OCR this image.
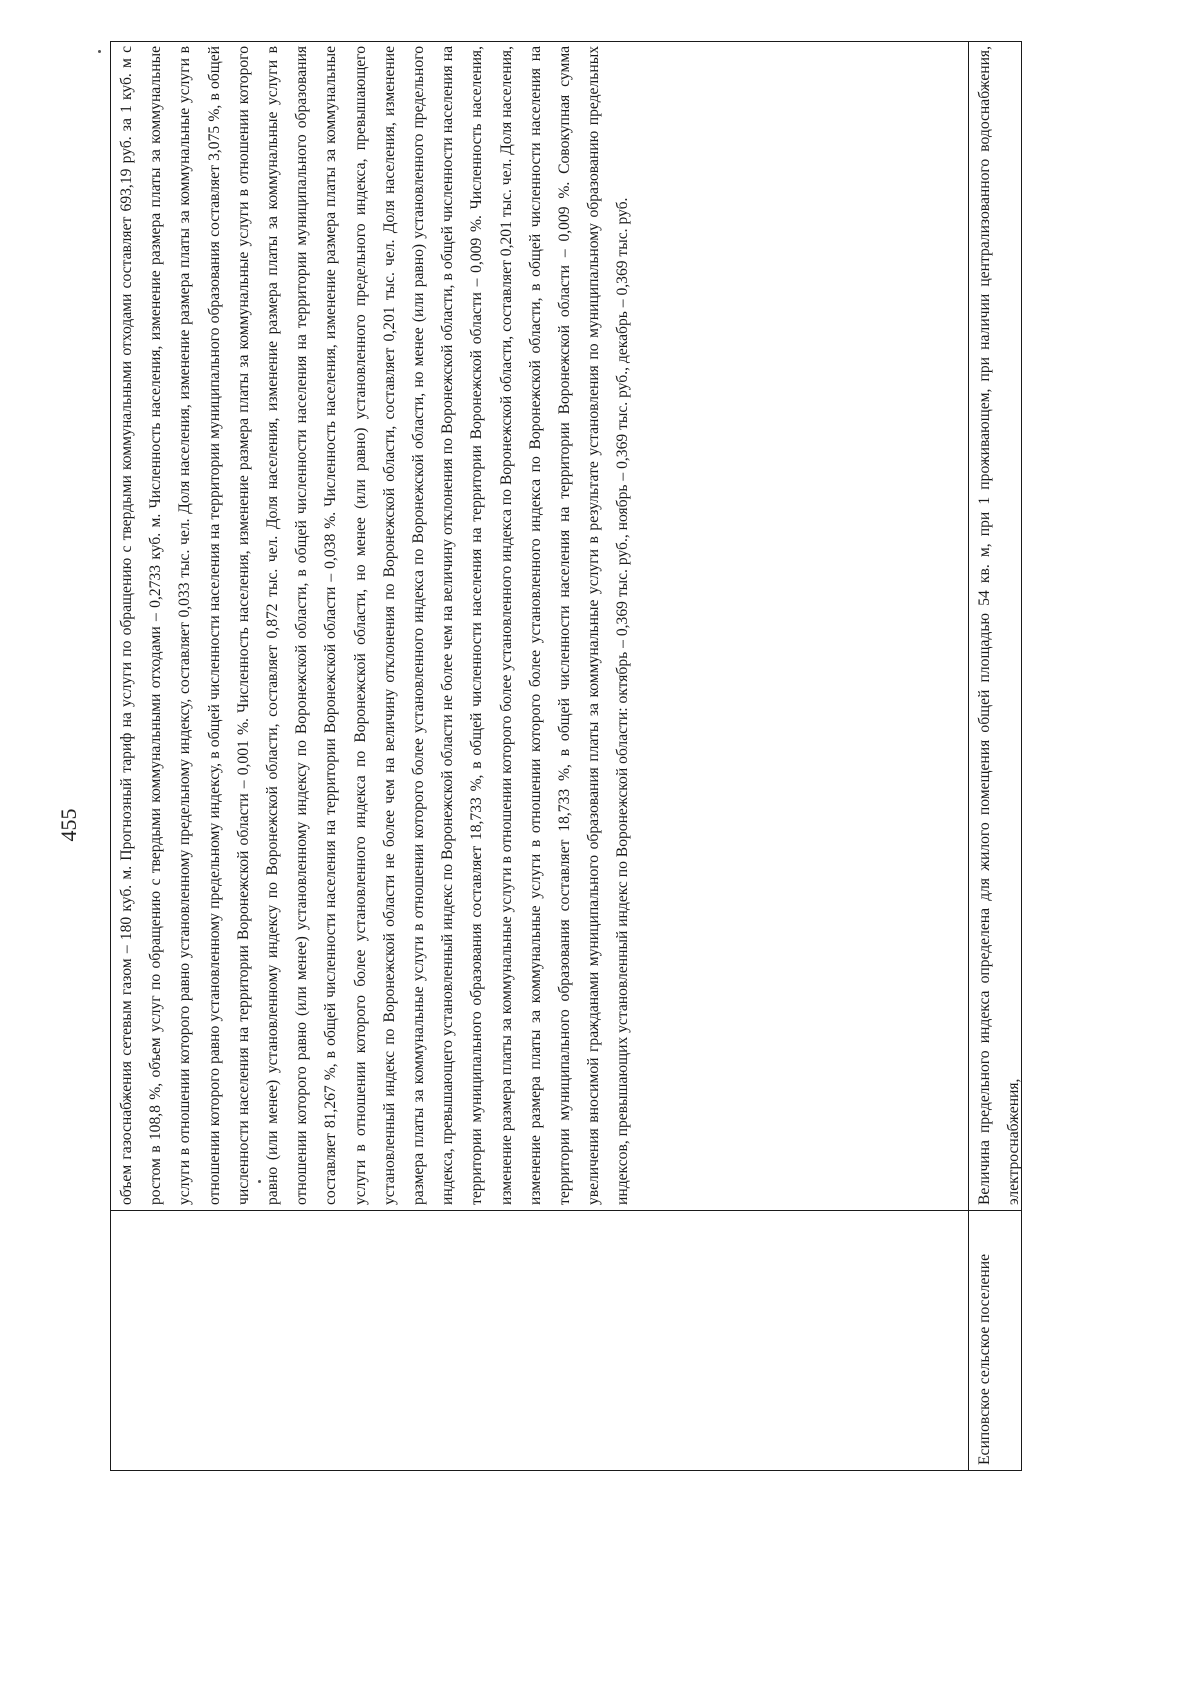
455

	объем газоснабжения сетевым газом – 180 куб. м. Прогнозный тариф на услуги по обращению с твердыми коммунальными отходами составляет 693,19 руб. за 1 куб. м с ростом в 108,8 %, объем услуг по обращению с твердыми коммунальными отходами – 0,2733 куб. м. Численность населения, изменение размера платы за коммунальные услуги в отношении которого равно установленному предельному индексу, составляет 0,033 тыс. чел. Доля населения, изменение размера платы за коммунальные услуги в отношении которого равно установленному предельному индексу, в общей численности населения на территории муниципального образования составляет 3,075 %, в общей численности населения на территории Воронежской области – 0,001 %. Численность населения, изменение размера платы за коммунальные услуги в отношении которого равно (или менее) установленному индексу по Воронежской области, составляет 0,872 тыс. чел. Доля населения, изменение размера платы за коммунальные услуги в отношении которого равно (или менее) установленному индексу по Воронежской области, в общей численности населения на территории муниципального образования составляет 81,267 %, в общей численности населения на территории Воронежской области – 0,038 %. Численность населения, изменение размера платы за коммунальные услуги в отношении которого более установленного индекса по Воронежской области, но менее (или равно) установленного предельного индекса, превышающего установленный индекс по Воронежской области не более чем на величину отклонения по Воронежской области, составляет 0,201 тыс. чел. Доля населения, изменение размера платы за коммунальные услуги в отношении которого более установленного индекса по Воронежской области, но менее (или равно) установленного предельного индекса, превышающего установленный индекс по Воронежской области не более чем на величину отклонения по Воронежской области, в общей численности населения на территории муниципального образования составляет 18,733 %, в общей численности населения на территории Воронежской области – 0,009 %. Численность населения, изменение размера платы за коммунальные услуги в отношении которого более установленного индекса по Воронежской области, составляет 0,201 тыс. чел. Доля населения, изменение размера платы за коммунальные услуги в отношении которого более установленного индекса по Воронежской области, в общей численности населения на территории муниципального образования составляет 18,733 %, в общей численности населения на территории Воронежской области – 0,009 %. Совокупная сумма увеличения вносимой гражданами муниципального образования платы за коммунальные услуги в результате установления по муниципальному образованию предельных индексов, превышающих установленный индекс по Воронежской области: октябрь – 0,369 тыс. руб., ноябрь – 0,369 тыс. руб., декабрь – 0,369 тыс. руб.

Есиповское сельское поселение	Величина предельного индекса определена для жилого помещения общей площадью 54 кв. м, при 1 проживающем, при наличии централизованного водоснабжения, электроснабжения,
